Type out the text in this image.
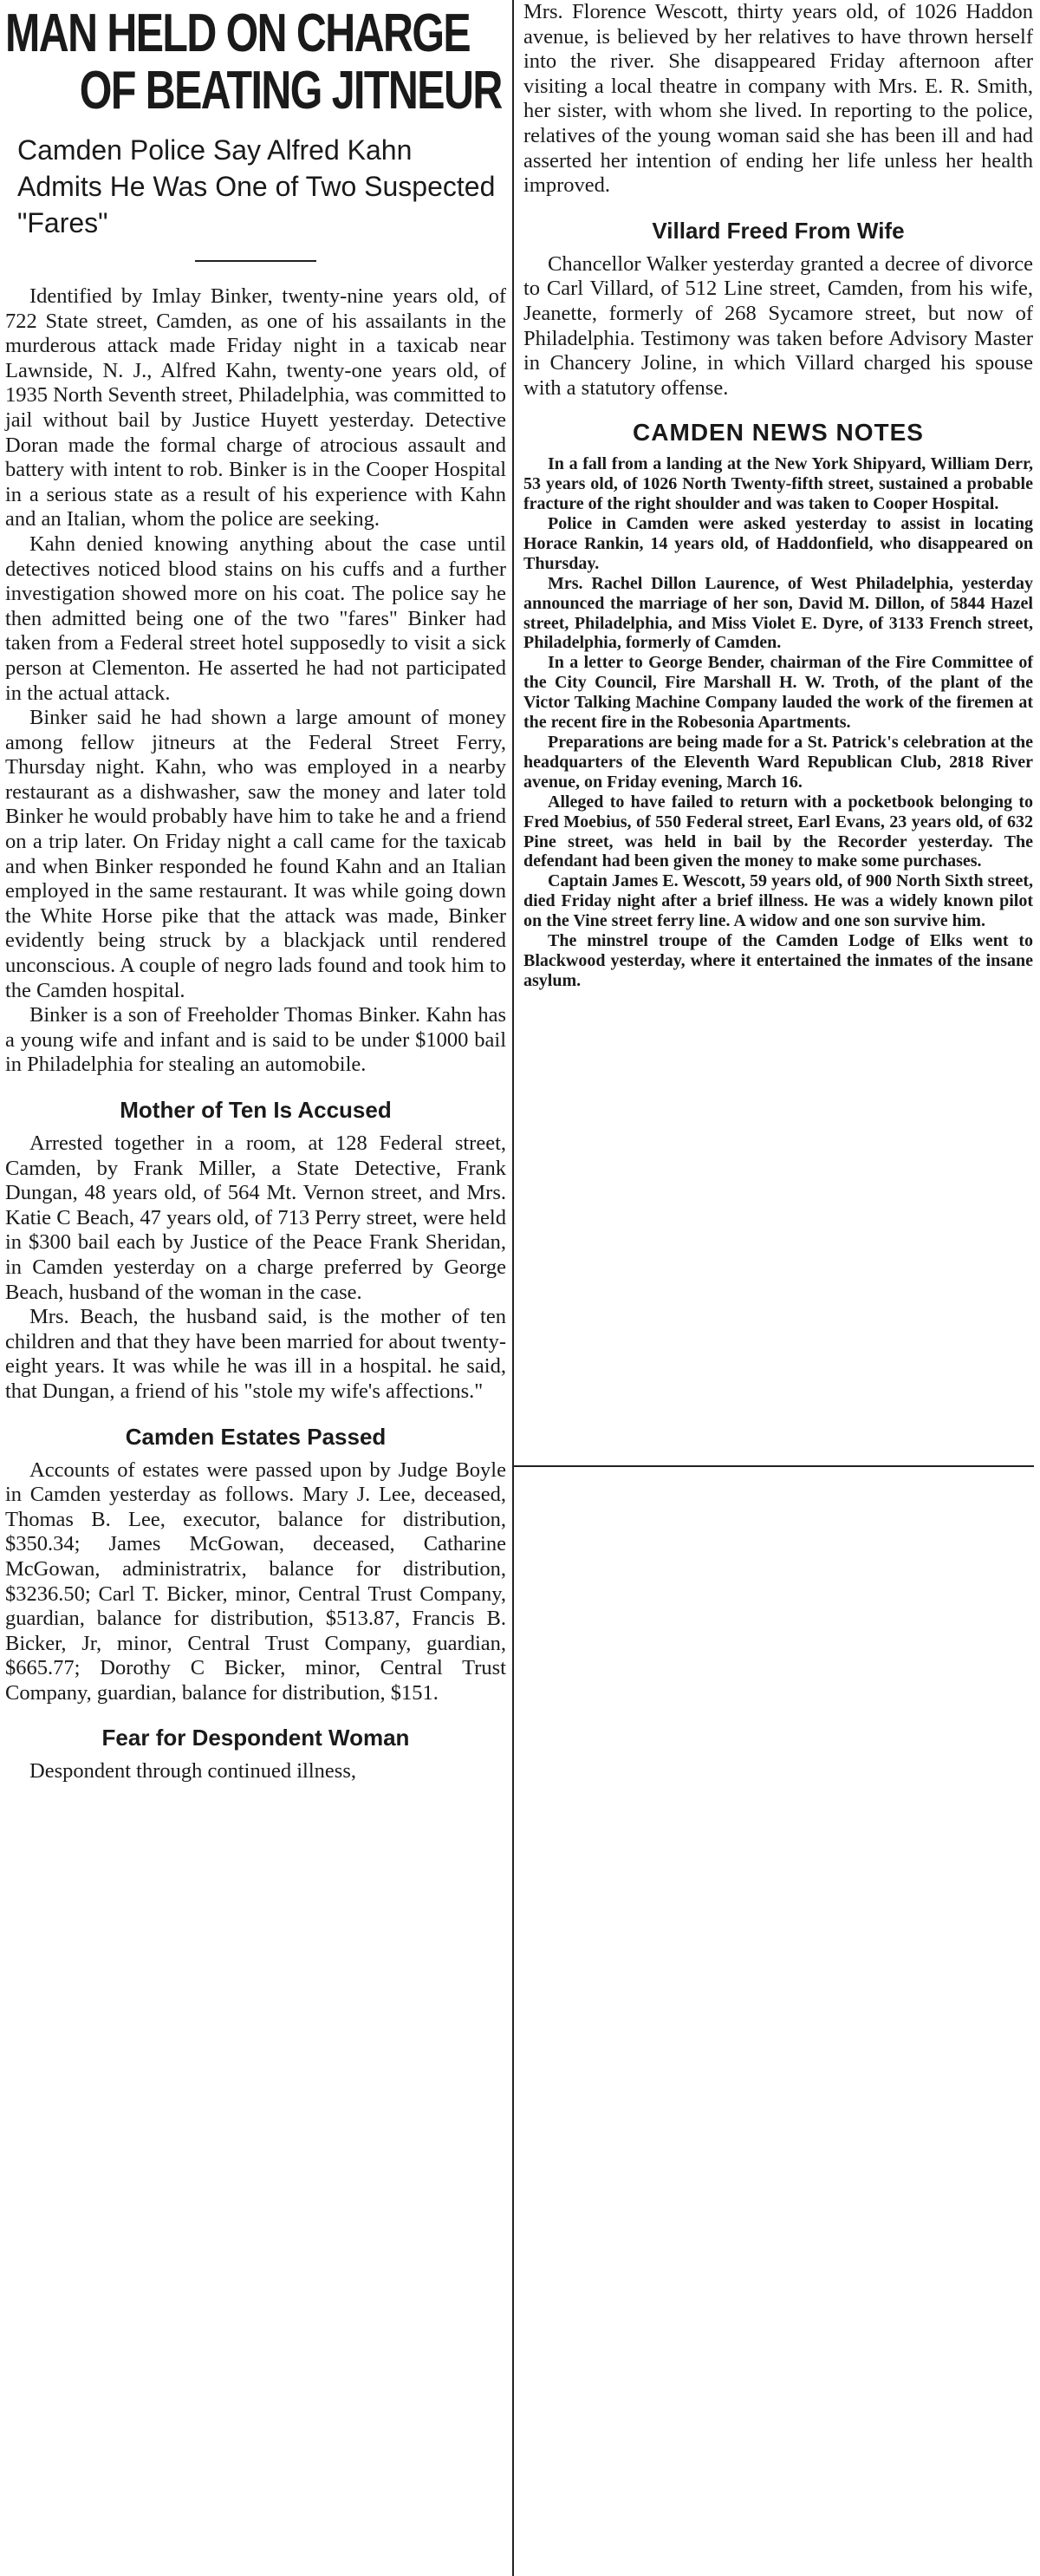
MAN HELD ON CHARGE
OF BEATING JITNEUR
Camden Police Say Alfred Kahn Admits He Was One of Two Suspected "Fares"

Identified by Imlay Binker, twenty-nine years old, of 722 State street, Camden, as one of his assailants in the murderous attack made Friday night in a taxicab near Lawnside, N. J., Alfred Kahn, twenty-one years old, of 1935 North Seventh street, Philadelphia, was committed to jail without bail by Justice Huyett yesterday. Detective Doran made the formal charge of atrocious assault and battery with intent to rob. Binker is in the Cooper Hospital in a serious state as a result of his experience with Kahn and an Italian, whom the police are seeking.

Kahn denied knowing anything about the case until detectives noticed blood stains on his cuffs and a further investigation showed more on his coat. The police say he then admitted being one of the two "fares" Binker had taken from a Federal street hotel supposedly to visit a sick person at Clementon. He asserted he had not participated in the actual attack.

Binker said he had shown a large amount of money among fellow jitneurs at the Federal Street Ferry, Thursday night. Kahn, who was employed in a nearby restaurant as a dishwasher, saw the money and later told Binker he would probably have him to take he and a friend on a trip later. On Friday night a call came for the taxicab and when Binker responded he found Kahn and an Italian employed in the same restaurant. It was while going down the White Horse pike that the attack was made, Binker evidently being struck by a blackjack until rendered unconscious. A couple of negro lads found and took him to the Camden hospital.

Binker is a son of Freeholder Thomas Binker. Kahn has a young wife and infant and is said to be under $1000 bail in Philadelphia for stealing an automobile.

Mother of Ten Is Accused

Arrested together in a room, at 128 Federal street, Camden, by Frank Miller, a State Detective, Frank Dungan, 48 years old, of 564 Mt. Vernon street, and Mrs. Katie C Beach, 47 years old, of 713 Perry street, were held in $300 bail each by Justice of the Peace Frank Sheridan, in Camden yesterday on a charge preferred by George Beach, husband of the woman in the case.

Mrs. Beach, the husband said, is the mother of ten children and that they have been married for about twenty-eight years. It was while he was ill in a hospital. he said, that Dungan, a friend of his "stole my wife's affections."

Camden Estates Passed

Accounts of estates were passed upon by Judge Boyle in Camden yesterday as follows. Mary J. Lee, deceased, Thomas B. Lee, executor, balance for distribution, $350.34; James McGowan, deceased, Catharine McGowan, administratrix, balance for distribution, $3236.50; Carl T. Bicker, minor, Central Trust Company, guardian, balance for distribution, $513.87, Francis B. Bicker, Jr, minor, Central Trust Company, guardian, $665.77; Dorothy C Bicker, minor, Central Trust Company, guardian, balance for distribution, $151.

Fear for Despondent Woman

Despondent through continued illness,

Mrs. Florence Wescott, thirty years old, of 1026 Haddon avenue, is believed by her relatives to have thrown herself into the river. She disappeared Friday afternoon after visiting a local theatre in company with Mrs. E. R. Smith, her sister, with whom she lived. In reporting to the police, relatives of the young woman said she has been ill and had asserted her intention of ending her life unless her health improved.

Villard Freed From Wife

Chancellor Walker yesterday granted a decree of divorce to Carl Villard, of 512 Line street, Camden, from his wife, Jeanette, formerly of 268 Sycamore street, but now of Philadelphia. Testimony was taken before Advisory Master in Chancery Joline, in which Villard charged his spouse with a statutory offense.

CAMDEN NEWS NOTES

In a fall from a landing at the New York Shipyard, William Derr, 53 years old, of 1026 North Twenty-fifth street, sustained a probable fracture of the right shoulder and was taken to Cooper Hospital.

Police in Camden were asked yesterday to assist in locating Horace Rankin, 14 years old, of Haddonfield, who disappeared on Thursday.

Mrs. Rachel Dillon Laurence, of West Philadelphia, yesterday announced the marriage of her son, David M. Dillon, of 5844 Hazel street, Philadelphia, and Miss Violet E. Dyre, of 3133 French street, Philadelphia, formerly of Camden.

In a letter to George Bender, chairman of the Fire Committee of the City Council, Fire Marshall H. W. Troth, of the plant of the Victor Talking Machine Company lauded the work of the firemen at the recent fire in the Robesonia Apartments.

Preparations are being made for a St. Patrick's celebration at the headquarters of the Eleventh Ward Republican Club, 2818 River avenue, on Friday evening, March 16.

Alleged to have failed to return with a pocketbook belonging to Fred Moebius, of 550 Federal street, Earl Evans, 23 years old, of 632 Pine street, was held in bail by the Recorder yesterday. The defendant had been given the money to make some purchases.

Captain James E. Wescott, 59 years old, of 900 North Sixth street, died Friday night after a brief illness. He was a widely known pilot on the Vine street ferry line. A widow and one son survive him.

The minstrel troupe of the Camden Lodge of Elks went to Blackwood yesterday, where it entertained the inmates of the insane asylum.
